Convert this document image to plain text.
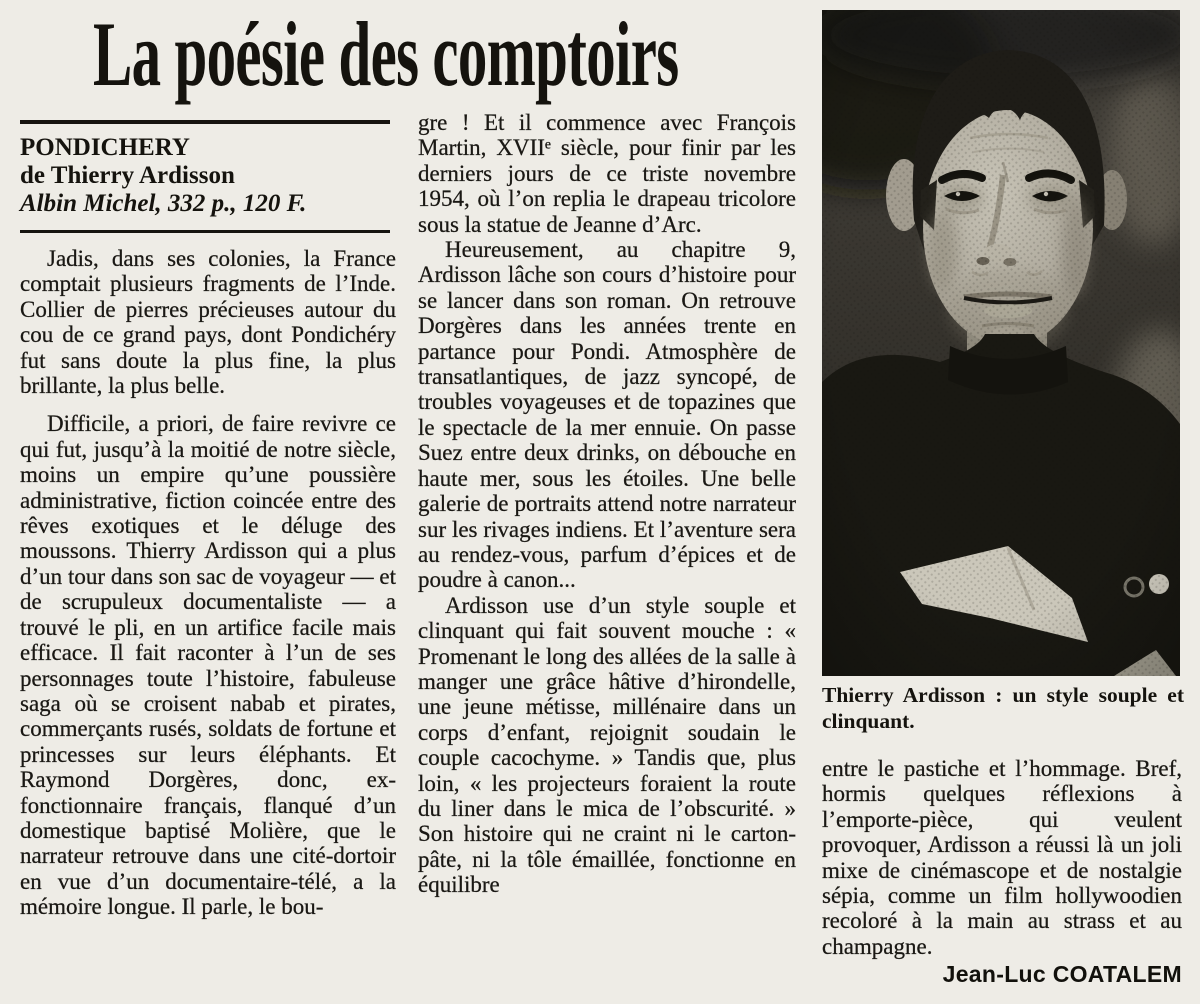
La poésie des comptoirs
PONDICHERY
de Thierry Ardisson
Albin Michel, 332 p., 120 F.

Jadis, dans ses colonies, la France comptait plusieurs fragments de l’Inde. Collier de pierres précieuses autour du cou de ce grand pays, dont Pondichéry fut sans doute la plus fine, la plus brillante, la plus belle.

Difficile, a priori, de faire revivre ce qui fut, jusqu’à la moitié de notre siècle, moins un empire qu’une poussière administrative, fiction coincée entre des rêves exotiques et le déluge des moussons. Thierry Ardisson qui a plus d’un tour dans son sac de voyageur — et de scrupuleux documentaliste — a trouvé le pli, en un artifice facile mais efficace. Il fait raconter à l’un de ses personnages toute l’histoire, fabuleuse saga où se croisent nabab et pirates, commerçants rusés, soldats de fortune et princesses sur leurs éléphants. Et Raymond Dorgères, donc, ex-fonctionnaire français, flanqué d’un domestique baptisé Molière, que le narrateur retrouve dans une cité-dortoir en vue d’un documentaire-télé, a la mémoire longue. Il parle, le bou-

gre ! Et il commence avec François Martin, XVIIᵉ siècle, pour finir par les derniers jours de ce triste novembre 1954, où l’on replia le drapeau tricolore sous la statue de Jeanne d’Arc.

Heureusement, au chapitre 9, Ardisson lâche son cours d’histoire pour se lancer dans son roman. On retrouve Dorgères dans les années trente en partance pour Pondi. Atmosphère de transatlantiques, de jazz syncopé, de troubles voyageuses et de topazines que le spectacle de la mer ennuie. On passe Suez entre deux drinks, on débouche en haute mer, sous les étoiles. Une belle galerie de portraits attend notre narrateur sur les rivages indiens. Et l’aventure sera au rendez-vous, parfum d’épices et de poudre à canon...

Ardisson use d’un style souple et clinquant qui fait souvent mouche : « Promenant le long des allées de la salle à manger une grâce hâtive d’hirondelle, une jeune métisse, millénaire dans un corps d’enfant, rejoignit soudain le couple cacochyme. » Tandis que, plus loin, « les projecteurs foraient la route du liner dans le mica de l’obscurité. » Son histoire qui ne craint ni le carton-pâte, ni la tôle émaillée, fonctionne en équilibre

Thierry Ardisson : un style souple et clinquant.

entre le pastiche et l’hommage. Bref, hormis quelques réflexions à l’emporte-pièce, qui veulent provoquer, Ardisson a réussi là un joli mixe de cinémascope et de nostalgie sépia, comme un film hollywoodien recoloré à la main au strass et au champagne.

Jean-Luc COATALEM
